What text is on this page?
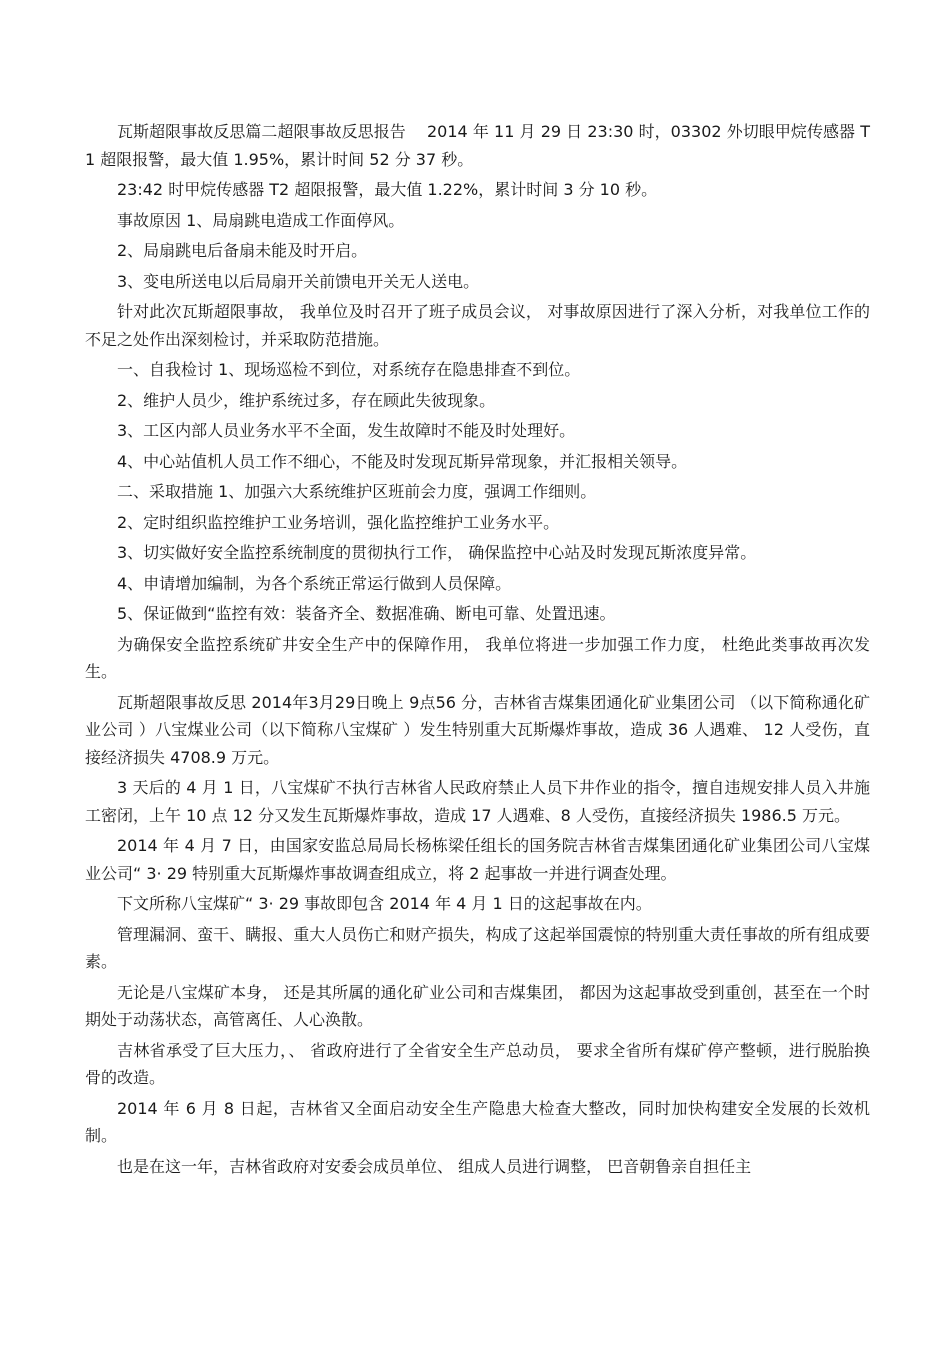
瓦斯超限事故反思篇二超限事故反思报告　 2014 年 11 月 29 日 23:30 时，03302 外切眼甲烷传感器 T1 超限报警，最大值 1.95%，累计时间 52 分 37 秒。

23:42 时甲烷传感器 T2 超限报警，最大值 1.22%，累计时间 3 分 10 秒。

事故原因 1、局扇跳电造成工作面停风。

2、局扇跳电后备扇未能及时开启。

3、变电所送电以后局扇开关前馈电开关无人送电。

针对此次瓦斯超限事故， 我单位及时召开了班子成员会议， 对事故原因进行了深入分析，对我单位工作的不足之处作出深刻检讨，并采取防范措施。

一、自我检讨 1、现场巡检不到位，对系统存在隐患排查不到位。

2、维护人员少，维护系统过多，存在顾此失彼现象。

3、工区内部人员业务水平不全面，发生故障时不能及时处理好。

4、中心站值机人员工作不细心，不能及时发现瓦斯异常现象，并汇报相关领导。

二、采取措施 1、加强六大系统维护区班前会力度，强调工作细则。

2、定时组织监控维护工业务培训，强化监控维护工业务水平。

3、切实做好安全监控系统制度的贯彻执行工作， 确保监控中心站及时发现瓦斯浓度异常。

4、申请增加编制，为各个系统正常运行做到人员保障。

5、保证做到“监控有效：装备齐全、数据准确、断电可靠、处置迅速。

为确保安全监控系统矿井安全生产中的保障作用， 我单位将进一步加强工作力度， 杜绝此类事故再次发生。

瓦斯超限事故反思 2014年3月29日晚上 9点56 分，吉林省吉煤集团通化矿业集团公司 （以下简称通化矿业公司 ）八宝煤业公司（以下简称八宝煤矿 ）发生特别重大瓦斯爆炸事故，造成 36 人遇难、 12 人受伤，直接经济损失 4708.9 万元。

3 天后的 4 月 1 日，八宝煤矿不执行吉林省人民政府禁止人员下井作业的指令，擅自违规安排人员入井施工密闭，上午 10 点 12 分又发生瓦斯爆炸事故，造成 17 人遇难、8 人受伤，直接经济损失 1986.5 万元。

2014 年 4 月 7 日，由国家安监总局局长杨栋梁任组长的国务院吉林省吉煤集团通化矿业集团公司八宝煤业公司“ 3· 29 特别重大瓦斯爆炸事故调查组成立，将 2 起事故一并进行调查处理。

下文所称八宝煤矿“ 3· 29 事故即包含 2014 年 4 月 1 日的这起事故在内。

管理漏洞、蛮干、瞒报、重大人员伤亡和财产损失，构成了这起举国震惊的特别重大责任事故的所有组成要素。

无论是八宝煤矿本身， 还是其所属的通化矿业公司和吉煤集团， 都因为这起事故受到重创，甚至在一个时期处于动荡状态，高管离任、人心涣散。

吉林省承受了巨大压力，、 省政府进行了全省安全生产总动员， 要求全省所有煤矿停产整顿，进行脱胎换骨的改造。

2014 年 6 月 8 日起，吉林省又全面启动安全生产隐患大检查大整改，同时加快构建安全发展的长效机制。

也是在这一年，吉林省政府对安委会成员单位、 组成人员进行调整， 巴音朝鲁亲自担任主
